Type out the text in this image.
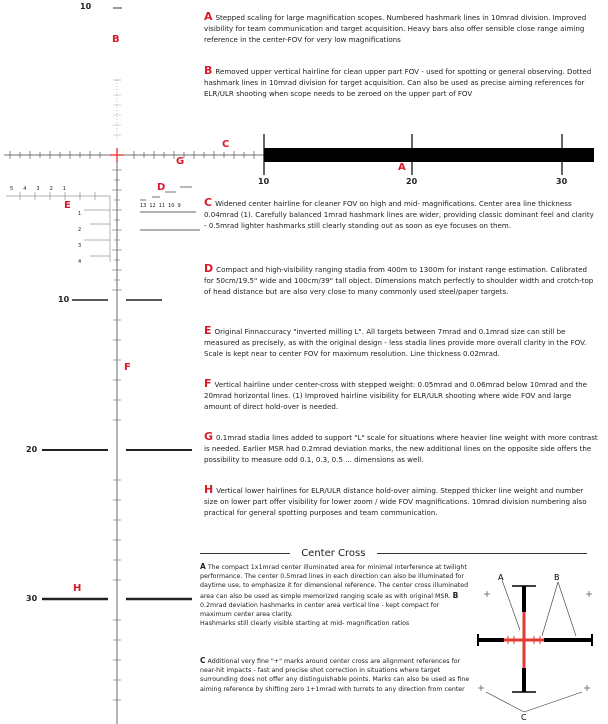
10
10
20
30
B
C
G
D
E
F
H
A
10	20	30
5 4 3 2 1
1
2
3
4
13 12 11 10 9
A Stepped scaling for large magnification scopes. Numbered hashmark lines in 10mrad division. Improved visibility for team communication and target acquisition. Heavy bars also offer sensible close range aiming reference in the center-FOV for very low magnifications
B Removed upper vertical hairline for clean upper part FOV - used for spotting or general observing. Dotted hashmark lines in 10mrad division for target acquisition. Can also be used as precise aiming references for ELR/ULR shooting when scope needs to be zeroed on the upper part of FOV
C Widened center hairline for cleaner FOV on high and mid- magnifications. Center area line thickness 0.04mrad (1). Carefully balanced 1mrad hashmark lines are wider, providing classic dominant feel and clarity - 0.5mrad lighter hashmarks still clearly standing out as soon as eye focuses on them.
D Compact and high-visibility ranging stadia from 400m to 1300m for instant range estimation. Calibrated for 50cm/19.5" wide and 100cm/39" tall object. Dimensions match perfectly to shoulder width and crotch-top of head distance but are also very close to many commonly used steel/paper targets.
E Original Finnaccuracy "inverted milling L". All targets between 7mrad and 0.1mrad size can still be measured as precisely, as with the original design - less stadia lines provide more overall clarity in the FOV. Scale is kept near to center FOV for maximum resolution. Line thickness 0.02mrad.
F Vertical hairline under center-cross with stepped weight: 0.05mrad and 0.06mrad below 10mrad and the 20mrad horizontal lines. (1) Improved hairline visibility for ELR/ULR shooting where wide FOV and large amount of direct hold-over is needed.
G 0.1mrad stadia lines added to support "L" scale for situations where heavier line weight with more contrast is needed. Earlier MSR had 0.2mrad deviation marks, the new additional lines on the opposite side offers the possibility to measure odd 0.1, 0.3, 0.5 ... dimensions as well.
H Vertical lower hairlines for ELR/ULR distance hold-over aiming. Stepped thicker line weight and number size on lower part offer visibility for lower zoom / wide FOV magnifications. 10mrad division numbering also practical for general spotting purposes and team communication.
Center Cross
A The compact 1x1mrad center illuminated area for minimal interference at twilight performance. The center 0.5mrad lines in each direction can also be illuminated for daytime use, to emphasize it for dimensional reference. The center cross illuminated area can also be used as simple memorized ranging scale as with original MSR. B 0.2mrad deviation hashmarks in center area vertical line - kept compact for maximum center area clarity.
Hashmarks still clearly visible starting at mid- magnification ratios
C Additional very fine "+" marks around center cross are alignment references for near-hit impacts - fast and precise shot correction in situations where target surrounding does not offer any distinguishable points. Marks can also be used as fine aiming reference by shifting zero 1+1mrad with turrets to any direction from center
A	B
C
